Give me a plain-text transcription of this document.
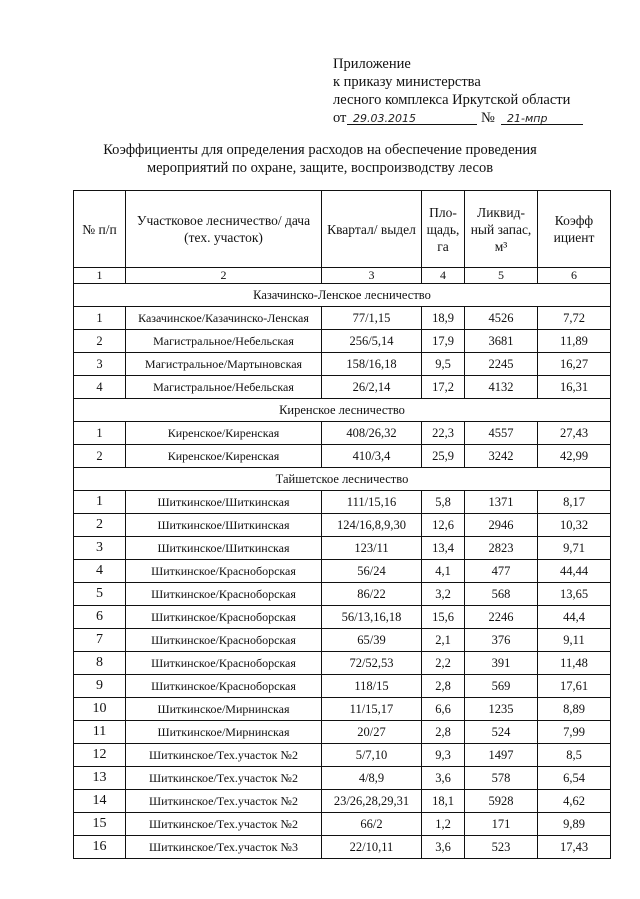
Приложение
к приказу министерства
лесного комплекса Иркутской области
от 29.03.2015	№ 21-мпр
Коэффициенты для определения расходов на обеспечение проведения
мероприятий по охране, защите, воспроизводству лесов
№ п/п	Участковое лесничество/ дача (тех. участок)	Квартал/ выдел	Пло- щадь, га	Ликвид- ный запас, м³	Коэфф ициент
1	2	3	4	5	6
Казачинско-Ленское лесничество					
1	Казачинское/Казачинско-Ленская	77/1,15	18,9	4526	7,72
2	Магистральное/Небельская	256/5,14	17,9	3681	11,89
3	Магистральное/Мартыновская	158/16,18	9,5	2245	16,27
4	Магистральное/Небельская	26/2,14	17,2	4132	16,31
Киренское лесничество					
1	Киренское/Киренская	408/26,32	22,3	4557	27,43
2	Киренское/Киренская	410/3,4	25,9	3242	42,99
Тайшетское лесничество					
1	Шиткинское/Шиткинская	111/15,16	5,8	1371	8,17
2	Шиткинское/Шиткинская	124/16,8,9,30	12,6	2946	10,32
3	Шиткинское/Шиткинская	123/11	13,4	2823	9,71
4	Шиткинское/Красноборская	56/24	4,1	477	44,44
5	Шиткинское/Красноборская	86/22	3,2	568	13,65
6	Шиткинское/Красноборская	56/13,16,18	15,6	2246	44,4
7	Шиткинское/Красноборская	65/39	2,1	376	9,11
8	Шиткинское/Красноборская	72/52,53	2,2	391	11,48
9	Шиткинское/Красноборская	118/15	2,8	569	17,61
10	Шиткинское/Мирнинская	11/15,17	6,6	1235	8,89
11	Шиткинское/Мирнинская	20/27	2,8	524	7,99
12	Шиткинское/Тех.участок №2	5/7,10	9,3	1497	8,5
13	Шиткинское/Тех.участок №2	4/8,9	3,6	578	6,54
14	Шиткинское/Тех.участок №2	23/26,28,29,31	18,1	5928	4,62
15	Шиткинское/Тех.участок №2	66/2	1,2	171	9,89
16	Шиткинское/Тех.участок №3	22/10,11	3,6	523	17,43
